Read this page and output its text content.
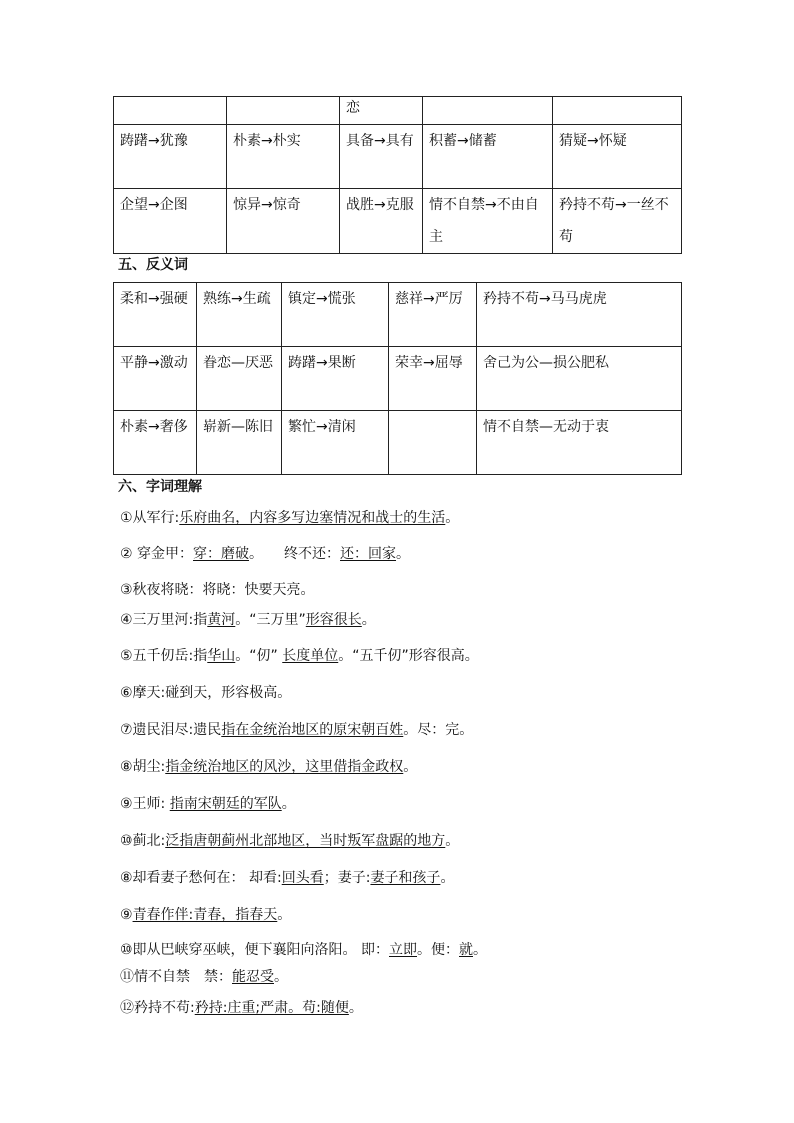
		恋		
踌躇→犹豫	朴素→朴实	具备→具有	积蓄→储蓄	猜疑→怀疑
企望→企图	惊异→惊奇	战胜→克服	情不自禁→不由自主	矜持不苟→一丝不苟

五、反义词

柔和→强硬	熟练→生疏	镇定→慌张	慈祥→严厉	矜持不苟→马马虎虎
平静→激动	眷恋—厌恶	踌躇→果断	荣幸→屈辱	舍己为公—损公肥私
朴素→奢侈	崭新—陈旧	繁忙→清闲		情不自禁—无动于衷

六、字词理解

①从军行:乐府曲名，内容多写边塞情况和战士的生活。
② 穿金甲：穿：磨破。　　终不还：还：回家。
③秋夜将晓：将晓：快要天亮。
④三万里河:指黄河。“三万里”形容很长。
⑤五千仞岳:指华山。“仞” 长度单位。“五千仞”形容很高。
⑥摩天:碰到天，形容极高。
⑦遗民泪尽:遗民指在金统治地区的原宋朝百姓。尽：完。
⑧胡尘:指金统治地区的风沙，这里借指金政权。
⑨王师: 指南宋朝廷的军队。
⑩蓟北:泛指唐朝蓟州北部地区，当时叛军盘踞的地方。
⑧却看妻子愁何在： 却看:回头看；妻子:妻子和孩子。
⑨青春作伴:青春，指春天。
⑩即从巴峡穿巫峡，便下襄阳向洛阳。 即：立即。便：就。
⑪情不自禁　禁：能忍受。
⑫矜持不苟:矜持:庄重;严肃。苟:随便。
